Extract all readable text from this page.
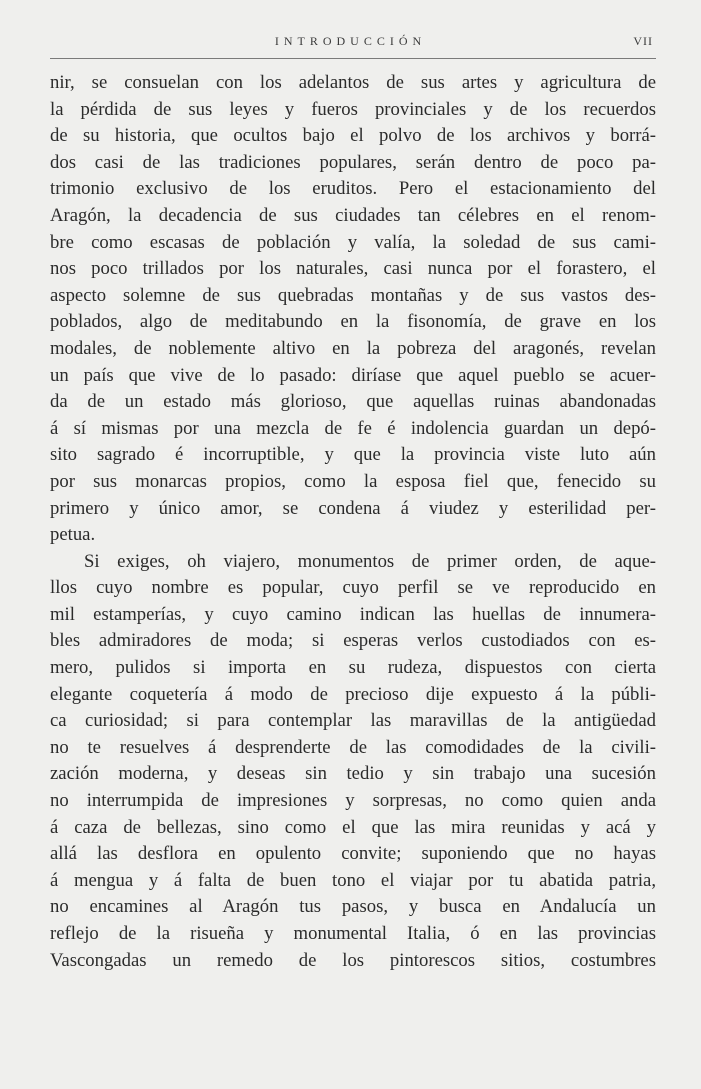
INTRODUCCIÓN	VII
nir, se consuelan con los adelantos de sus artes y agricultura de
la pérdida de sus leyes y fueros provinciales y de los recuerdos
de su historia, que ocultos bajo el polvo de los archivos y borrá-
dos casi de las tradiciones populares, serán dentro de poco pa-
trimonio exclusivo de los eruditos. Pero el estacionamiento del
Aragón, la decadencia de sus ciudades tan célebres en el renom-
bre como escasas de población y valía, la soledad de sus cami-
nos poco trillados por los naturales, casi nunca por el forastero, el
aspecto solemne de sus quebradas montañas y de sus vastos des-
poblados, algo de meditabundo en la fisonomía, de grave en los
modales, de noblemente altivo en la pobreza del aragonés, revelan
un país que vive de lo pasado: diríase que aquel pueblo se acuer-
da de un estado más glorioso, que aquellas ruinas abandonadas
á sí mismas por una mezcla de fe é indolencia guardan un depó-
sito sagrado é incorruptible, y que la provincia viste luto aún
por sus monarcas propios, como la esposa fiel que, fenecido su
primero y único amor, se condena á viudez y esterilidad per-
petua.
Si exiges, oh viajero, monumentos de primer orden, de aque-
llos cuyo nombre es popular, cuyo perfil se ve reproducido en
mil estamperías, y cuyo camino indican las huellas de innumera-
bles admiradores de moda; si esperas verlos custodiados con es-
mero, pulidos si importa en su rudeza, dispuestos con cierta
elegante coquetería á modo de precioso dije expuesto á la públi-
ca curiosidad; si para contemplar las maravillas de la antigüedad
no te resuelves á desprenderte de las comodidades de la civili-
zación moderna, y deseas sin tedio y sin trabajo una sucesión
no interrumpida de impresiones y sorpresas, no como quien anda
á caza de bellezas, sino como el que las mira reunidas y acá y
allá las desflora en opulento convite; suponiendo que no hayas
á mengua y á falta de buen tono el viajar por tu abatida patria,
no encamines al Aragón tus pasos, y busca en Andalucía un
reflejo de la risueña y monumental Italia, ó en las provincias
Vascongadas un remedo de los pintorescos sitios, costumbres
